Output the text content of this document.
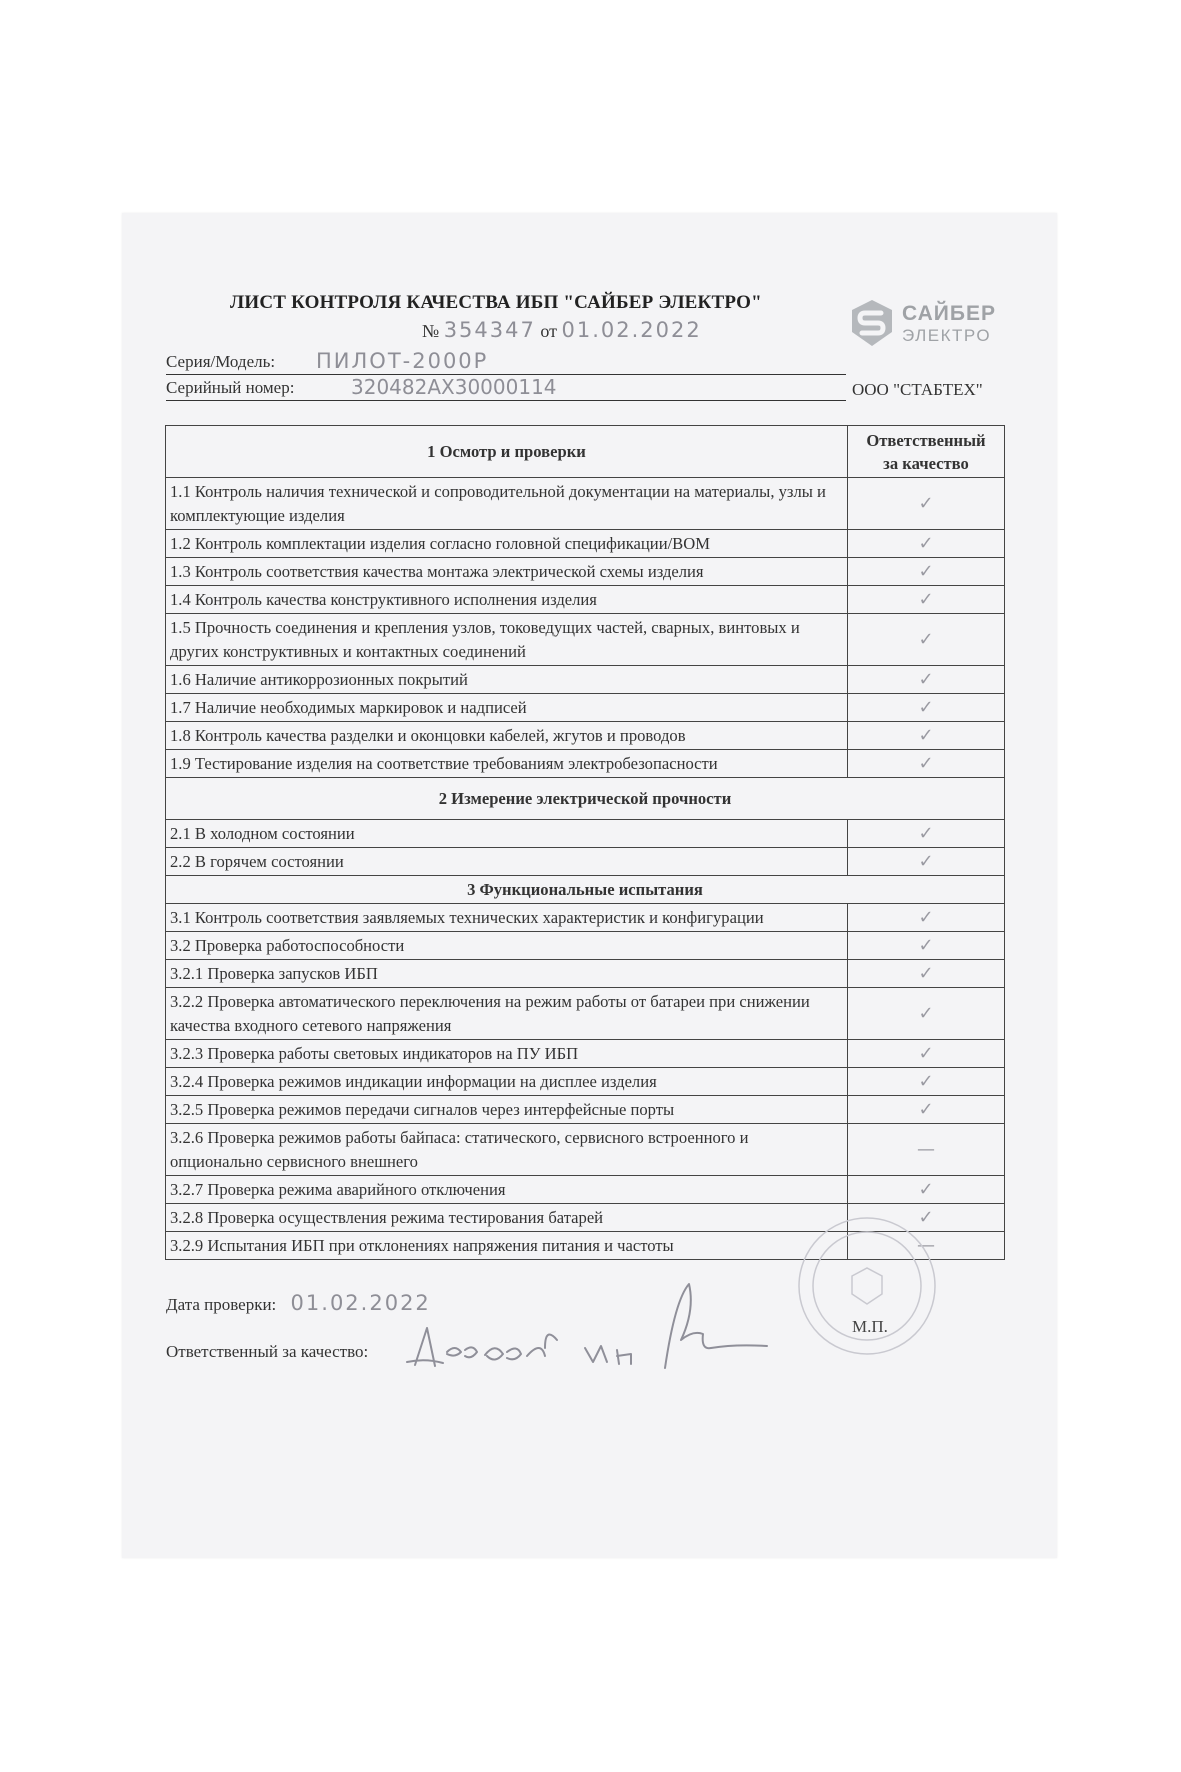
ЛИСТ КОНТРОЛЯ КАЧЕСТВА ИБП "САЙБЕР ЭЛЕКТРО"
№ 354347 от 01.02.2022
САЙБЕР
ЭЛЕКТРО
Серия/Модель: ПИЛОТ-2000Р
Серийный номер:	320482AX30000114	ООО "СТАБТЕХ"
1 Осмотр и проверки	Ответственный
за качество
1.1 Контроль наличия технической и сопроводительной документации на материалы, узлы и комплектующие изделия	✓
1.2 Контроль комплектации изделия согласно головной спецификации/BOM	✓
1.3 Контроль соответствия качества монтажа электрической схемы изделия	✓
1.4 Контроль качества конструктивного исполнения изделия	✓
1.5 Прочность соединения и крепления узлов, токоведущих частей, сварных, винтовых и других конструктивных и контактных соединений	✓
1.6 Наличие антикоррозионных покрытий	✓
1.7 Наличие необходимых маркировок и надписей	✓
1.8 Контроль качества разделки и оконцовки кабелей, жгутов и проводов	✓
1.9 Тестирование изделия на соответствие требованиям электробезопасности	✓
2 Измерение электрической прочности	
2.1 В холодном состоянии	✓
2.2 В горячем состоянии	✓
3 Функциональные испытания	
3.1 Контроль соответствия заявляемых технических характеристик и конфигурации	✓
3.2 Проверка работоспособности	✓
3.2.1 Проверка запусков ИБП	✓
3.2.2 Проверка автоматического переключения на режим работы от батареи при снижении качества входного сетевого напряжения	✓
3.2.3 Проверка работы световых индикаторов на ПУ ИБП	✓
3.2.4 Проверка режимов индикации информации на дисплее изделия	✓
3.2.5 Проверка режимов передачи сигналов через интерфейсные порты	✓
3.2.6 Проверка режимов работы байпаса: статического, сервисного встроенного и опционально сервисного внешнего	—
3.2.7 Проверка режима аварийного отключения	✓
3.2.8 Проверка осуществления режима тестирования батарей	✓
3.2.9 Испытания ИБП при отклонениях напряжения питания и частоты	—
Дата проверки: 01.02.2022
Ответственный за качество:
М.П.
